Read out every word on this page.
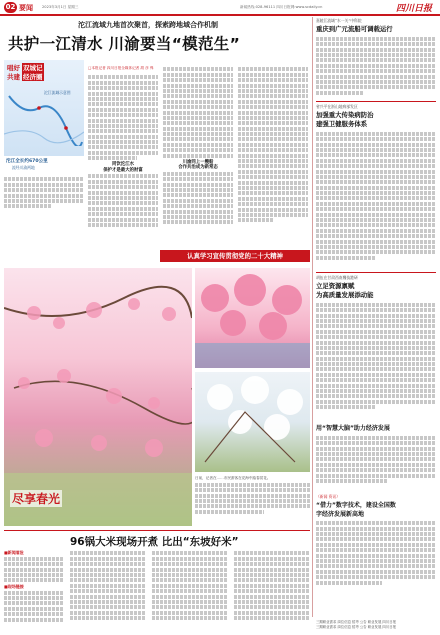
02 要闻	2023年3月1日 星期三	新闻热线:028-96111 四川日报网:www.scdaily.cn	四川日报
沱江流域九地首次聚首，探索跨地域合作机制
共护一江清水 川渝要当“模范生”
唱好 双城记
共建 经济圈
沱江流域示意图
沱江全长约670公里
流经川渝两地
□本报记者 四川日报全媒体记者 胡 彦 殊
同饮沱江水
保护才是最大的财富
川渝同上一艘船
合作共治成为新常态
认真学习宣传贯彻党的二十大精神
尽享春光
日前，记者在……市民游客在花海中踏春赏花。
96锅大米现场开煮 比出“东坡好米”
■新闻眉批
■现场链接
嘉陵江流域“水一关”中科院
重庆到广元流船可调载运行
省兴平在浙山地病部发区
加强重大传染病防治
建强卫健服务体系
胡伍在甘肃西南鹰技港研
立足资源禀赋
为高质量发展添动能
用“智慧大脑”助力经济发展
（新闻 资讯）
“借力”数字技术，建设全国数
字经济发展新高地
三期职业需求 岗位信息 招考 公告 职业发展 四川日报
三期职业需求 岗位信息 招考 公告 职业发展 四川日报
